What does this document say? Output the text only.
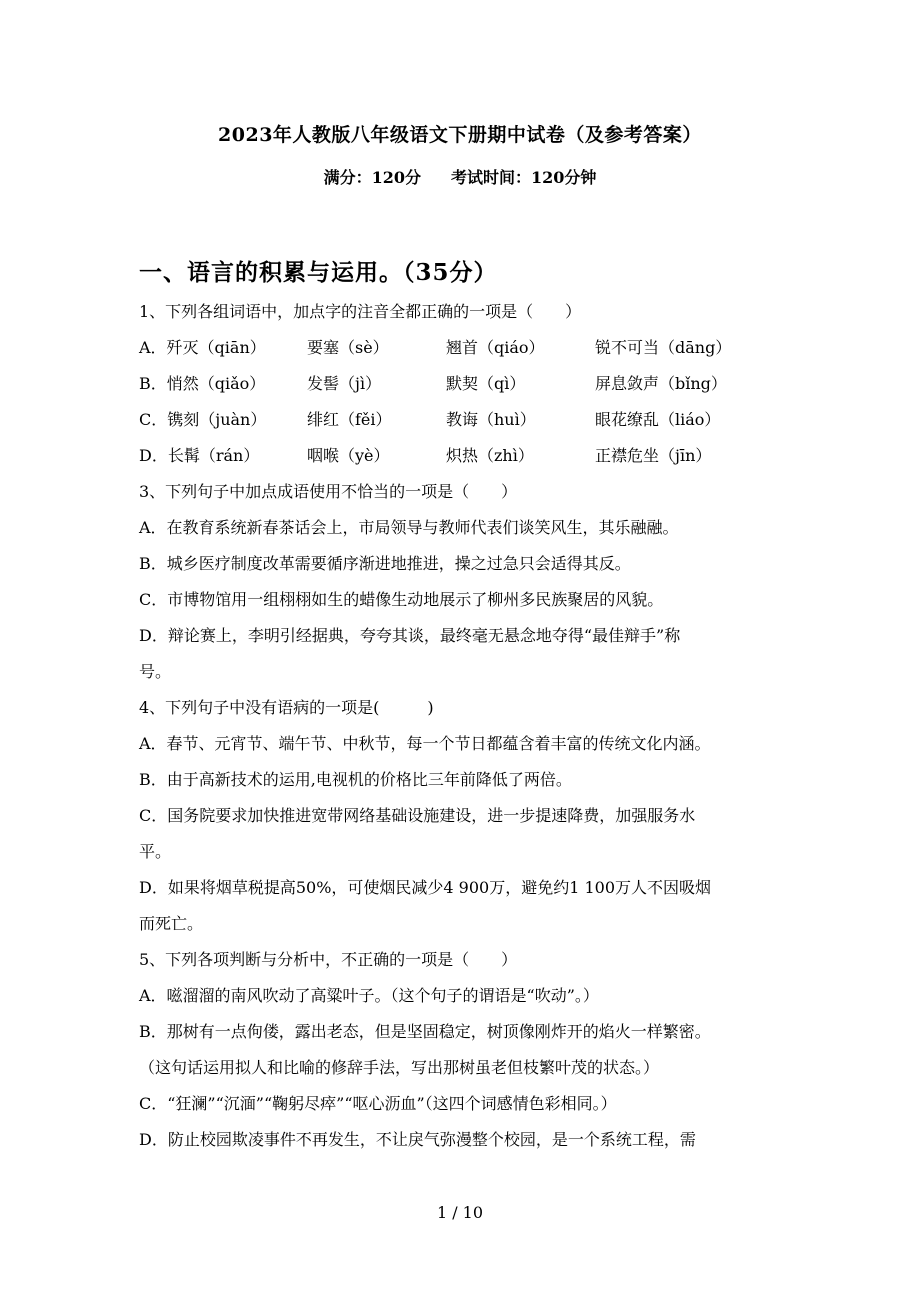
2023年人教版八年级语文下册期中试卷（及参考答案）
满分：120分 考试时间：120分钟
一、语言的积累与运用。（35分）
1、下列各组词语中，加点字的注音全都正确的一项是（　　）
A．歼灭（qiān）	要塞（sè）	翘首（qiáo）	锐不可当（dāng）
B．悄然（qiǎo）	发髻（jì）	默契（qì）	屏息敛声（bǐng）
C．镌刻（juàn）	绯红（fěi）	教诲（huì）	眼花缭乱（liáo）
D．长髯（rán）	咽喉（yè）	炽热（zhì）	正襟危坐（jīn）
3、下列句子中加点成语使用不恰当的一项是（　　）
A．在教育系统新春茶话会上，市局领导与教师代表们谈笑风生，其乐融融。
B．城乡医疗制度改革需要循序渐进地推进，操之过急只会适得其反。
C．市博物馆用一组栩栩如生的蜡像生动地展示了柳州多民族聚居的风貌。
D．辩论赛上，李明引经据典，夸夸其谈，最终毫无悬念地夺得“最佳辩手”称
号。
4、下列句子中没有语病的一项是(　　　)
A．春节、元宵节、端午节、中秋节，每一个节日都蕴含着丰富的传统文化内涵。
B．由于高新技术的运用,电视机的价格比三年前降低了两倍。
C．国务院要求加快推进宽带网络基础设施建设，进一步提速降费，加强服务水
平。
D．如果将烟草税提高50%，可使烟民减少4 900万，避免约1 100万人不因吸烟
而死亡。
5、下列各项判断与分析中，不正确的一项是（　　）
A．嗞溜溜的南风吹动了高粱叶子。（这个句子的谓语是“吹动”。）
B．那树有一点佝偻，露出老态，但是坚固稳定，树顶像刚炸开的焰火一样繁密。
（这句话运用拟人和比喻的修辞手法，写出那树虽老但枝繁叶茂的状态。）
C．“狂澜”“沉湎”“鞠躬尽瘁”“呕心沥血”（这四个词感情色彩相同。）
D．防止校园欺凌事件不再发生，不让戾气弥漫整个校园，是一个系统工程，需
1 / 10
